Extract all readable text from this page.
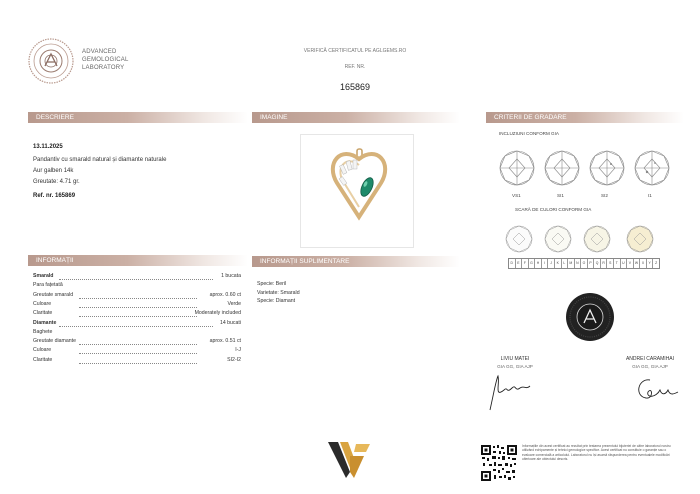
ADVANCED
GEMOLOGICAL
LABORATORY
VERIFICĂ CERTIFICATUL PE AGLGEMS.RO
REF. NR.
165869
DESCRIERE
13.11.2025
Pandantiv cu smarald natural și diamante naturale
Aur galben 14k
Greutate: 4.71 gr.
Ref. nr. 165869
IMAGINE	CRITERII DE GRADARE
INCLUZIUNI CONFORM GIA
VS1	SI1	SI2	I1
SCARĂ DE CULORI CONFORM GIA
D	E	F	G	H	I	J	K	L	M	N	O	P	Q	R	S	T	U	V	W	X	Y	Z
INFORMAȚII
Smarald	1 bucata
Para fațetată
Greutate smarald	aprox. 0.60 ct
Culoare	Verde
Claritate	Moderately included
Diamante	14 bucati
Baghete
Greutate diamante	aprox. 0.51 ct
Culoare	I-J
Claritate	SI2-I2
INFORMAȚII SUPLIMENTARE
Specie: Beril
Varietate: Smarald
Specie: Diamant
LIVIU MATEI
GIA GG, GIA AJP
ANDREI CARAMIHAI
GIA GG, GIA AJP
Informațiile din acest certificat au rezultat prin testarea prezentului bijuteriei de către laboratorul nostru utilizând echipamente și tehnici gemologice specifice. Acest certificat nu constituie o garanție sau o evaluare comercială a articolului. Laboratorul nu își asumă răspunderea pentru eventualele modificări ulterioare ale obiectului descris.
